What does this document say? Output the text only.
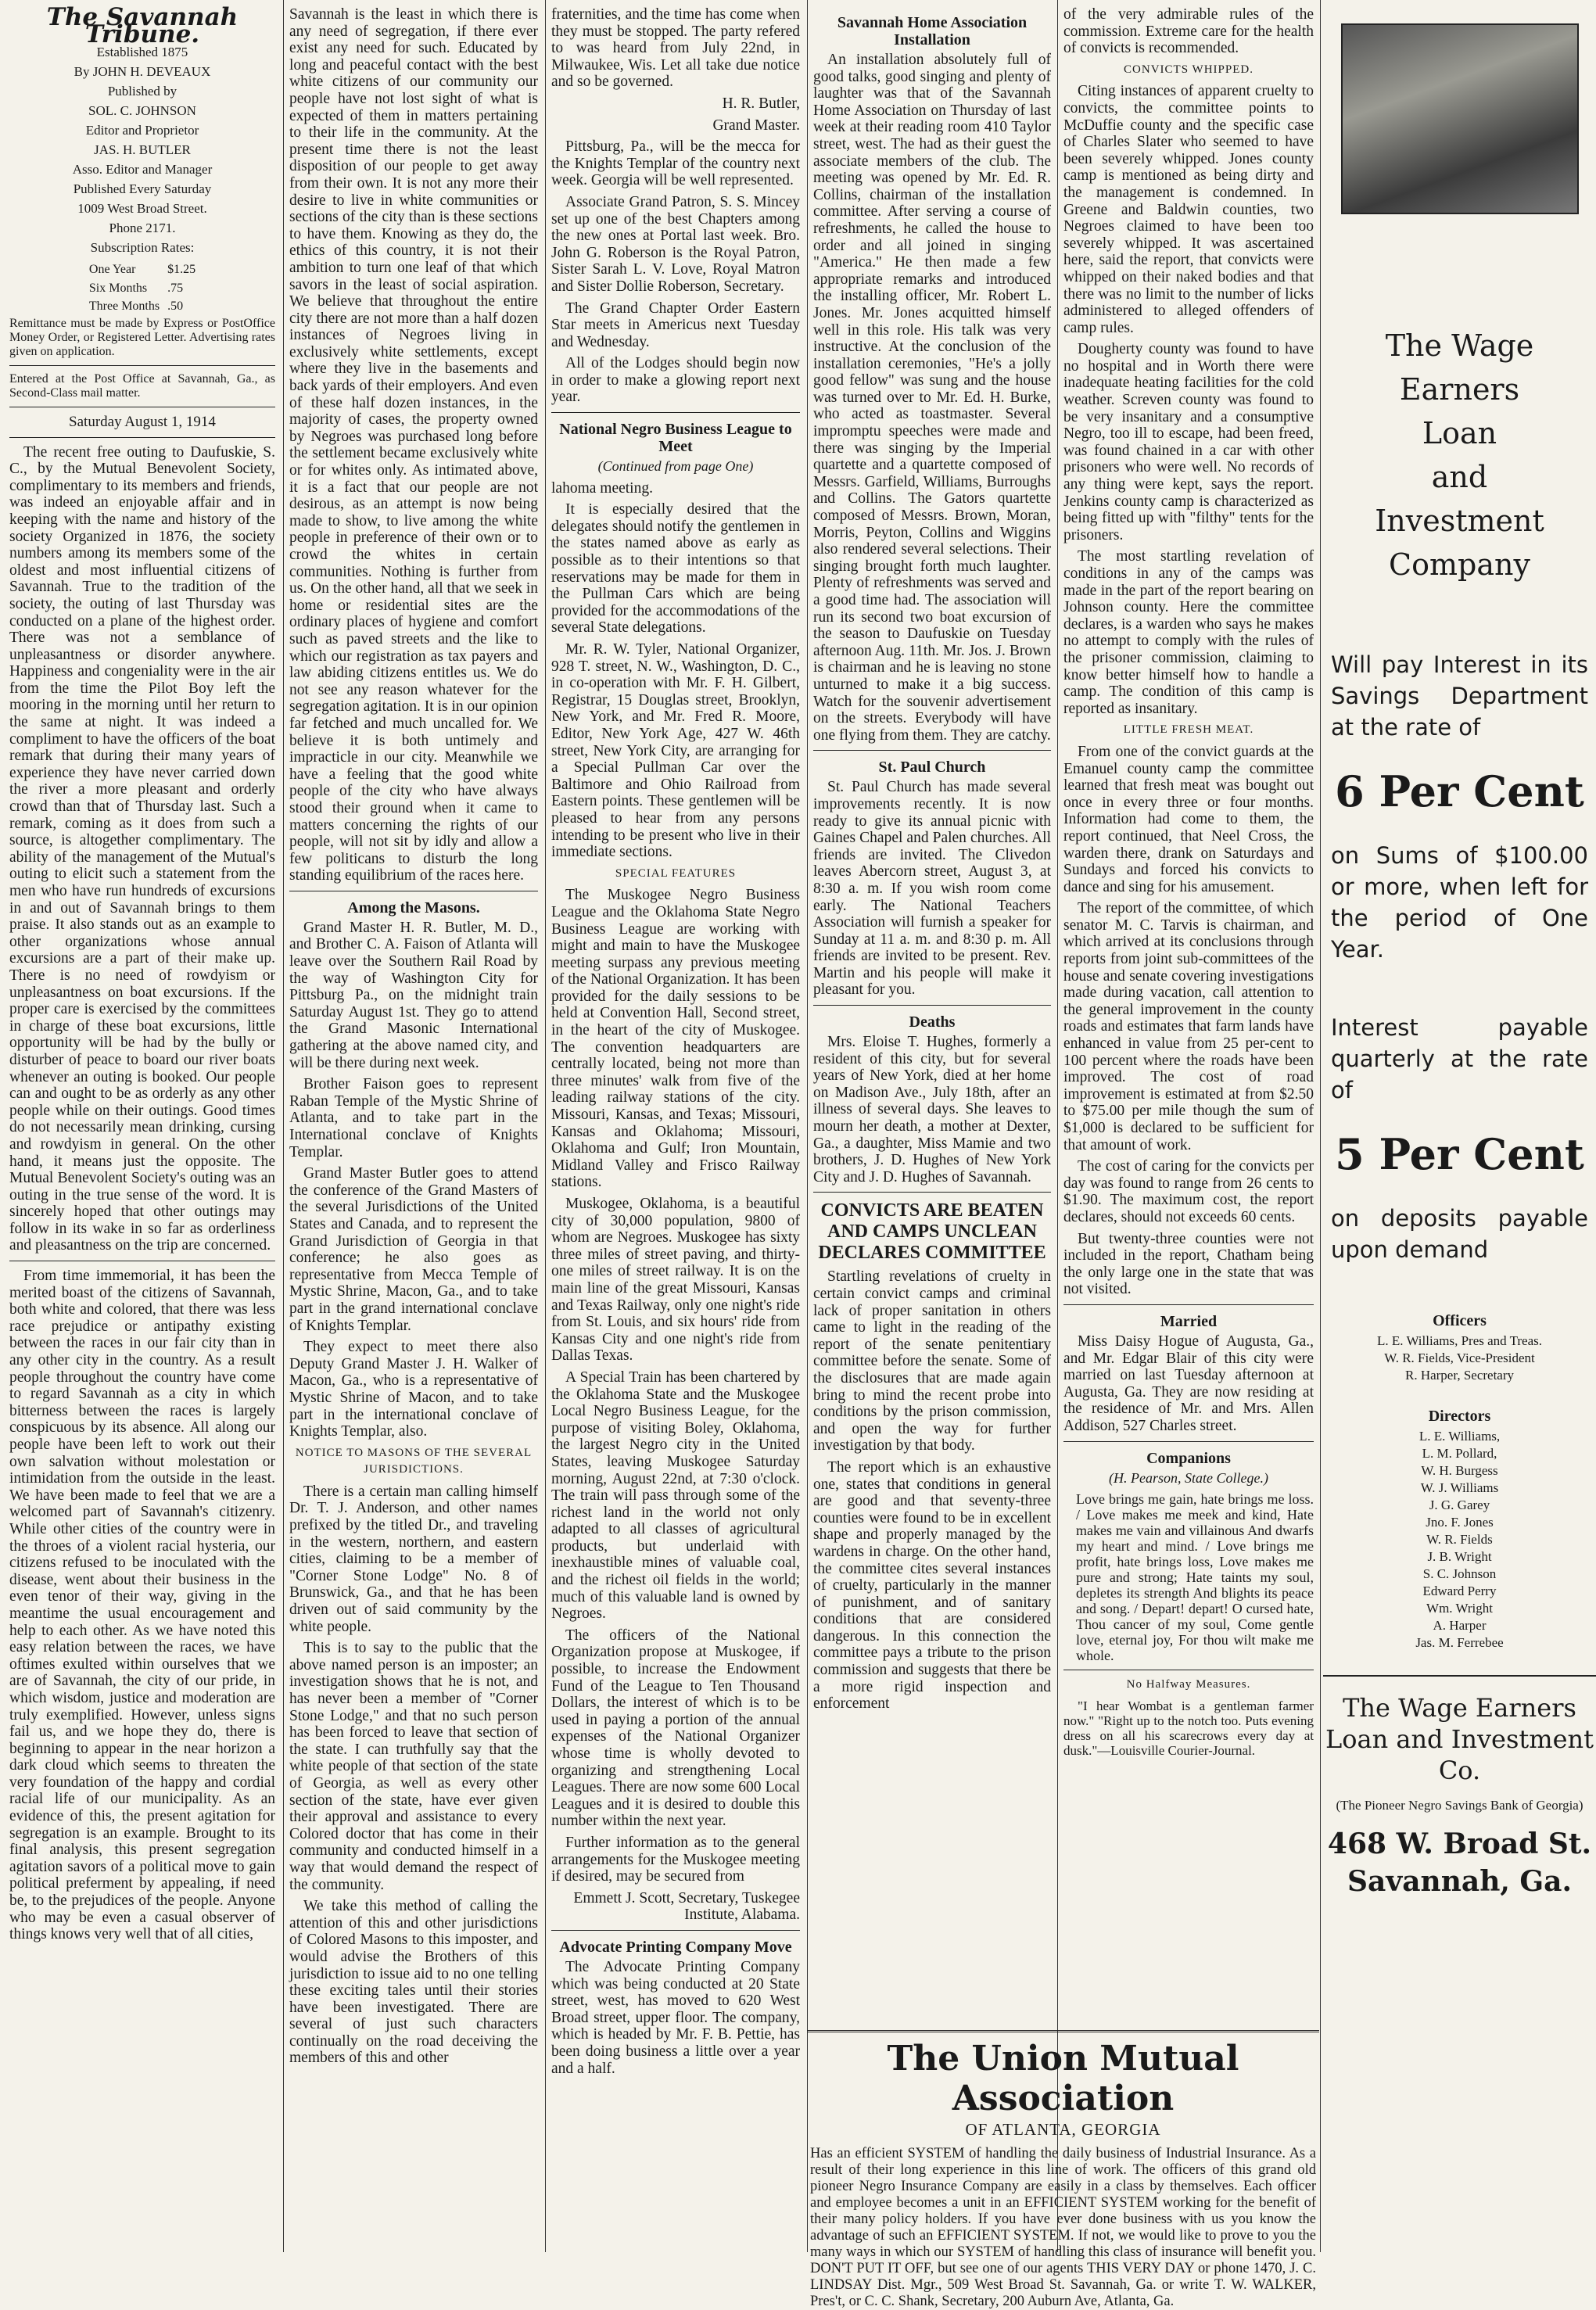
The Savannah Tribune.

Established 1875

By JOHN H. DEVEAUX

Published by

SOL. C. JOHNSON

Editor and Proprietor

JAS. H. BUTLER

Asso. Editor and Manager

Published Every Saturday

1009 West Broad Street.

Phone 2171.

Subscription Rates:

One Year	$1.25
Six Months	.75
Three Months	.50

Remittance must be made by Express or PostOffice Money Order, or Registered Letter. Advertising rates given on application.

Entered at the Post Office at Savannah, Ga., as Second-Class mail matter.

Saturday August 1, 1914

The recent free outing to Daufuskie, S. C., by the Mutual Benevolent Society, complimentary to its members and friends, was indeed an enjoyable affair and in keeping with the name and history of the society Organized in 1876, the society numbers among its members some of the oldest and most influential citizens of Savannah. True to the tradition of the society, the outing of last Thursday was conducted on a plane of the highest order. There was not a semblance of unpleasantness or disorder anywhere. Happiness and congeniality were in the air from the time the Pilot Boy left the mooring in the morning until her return to the same at night. It was indeed a compliment to have the officers of the boat remark that during their many years of experience they have never carried down the river a more pleasant and orderly crowd than that of Thursday last. Such a remark, coming as it does from such a source, is altogether complimentary. The ability of the management of the Mutual's outing to elicit such a statement from the men who have run hundreds of excursions in and out of Savannah brings to them praise. It also stands out as an example to other organizations whose annual excursions are a part of their make up. There is no need of rowdyism or unpleasantness on boat excursions. If the proper care is exercised by the committees in charge of these boat excursions, little opportunity will be had by the bully or disturber of peace to board our river boats whenever an outing is booked. Our people can and ought to be as orderly as any other people while on their outings. Good times do not necessarily mean drinking, cursing and rowdyism in general. On the other hand, it means just the opposite. The Mutual Benevolent Society's outing was an outing in the true sense of the word. It is sincerely hoped that other outings may follow in its wake in so far as orderliness and pleasantness on the trip are concerned.

From time immemorial, it has been the merited boast of the citizens of Savannah, both white and colored, that there was less race prejudice or antipathy existing between the races in our fair city than in any other city in the country. As a result people throughout the country have come to regard Savannah as a city in which bitterness between the races is largely conspicuous by its absence. All along our people have been left to work out their own salvation without molestation or intimidation from the outside in the least. We have been made to feel that we are a welcomed part of Savannah's citizenry. While other cities of the country were in the throes of a violent racial hysteria, our citizens refused to be inoculated with the disease, went about their business in the even tenor of their way, giving in the meantime the usual encouragement and help to each other. As we have noted this easy relation between the races, we have oftimes exulted within ourselves that we are of Savannah, the city of our pride, in which wisdom, justice and moderation are truly exemplified. However, unless signs fail us, and we hope they do, there is beginning to appear in the near horizon a dark cloud which seems to threaten the very foundation of the happy and cordial racial life of our municipality. As an evidence of this, the present agitation for segregation is an example. Brought to its final analysis, this present segregation agitation savors of a political move to gain political preferment by appealing, if need be, to the prejudices of the people. Anyone who may be even a casual observer of things knows very well that of all cities,

Savannah is the least in which there is any need of segregation, if there ever exist any need for such. Educated by long and peaceful contact with the best white citizens of our community our people have not lost sight of what is expected of them in matters pertaining to their life in the community. At the present time there is not the least disposition of our people to get away from their own. It is not any more their desire to live in white communities or sections of the city than is these sections to have them. Knowing as they do, the ethics of this country, it is not their ambition to turn one leaf of that which savors in the least of social aspiration. We believe that throughout the entire city there are not more than a half dozen instances of Negroes living in exclusively white settlements, except where they live in the basements and back yards of their employers. And even of these half dozen instances, in the majority of cases, the property owned by Negroes was purchased long before the settlement became exclusively white or for whites only. As intimated above, it is a fact that our people are not desirous, as an attempt is now being made to show, to live among the white people in preference of their own or to crowd the whites in certain communities. Nothing is further from us. On the other hand, all that we seek in home or residential sites are the ordinary places of hygiene and comfort such as paved streets and the like to which our registration as tax payers and law abiding citizens entitles us. We do not see any reason whatever for the segregation agitation. It is in our opinion far fetched and much uncalled for. We believe it is both untimely and impracticle in our city. Meanwhile we have a feeling that the good white people of the city who have always stood their ground when it came to matters concerning the rights of our people, will not sit by idly and allow a few politicans to disturb the long standing equilibrium of the races here.

Among the Masons.

Grand Master H. R. Butler, M. D., and Brother C. A. Faison of Atlanta will leave over the Southern Rail Road by the way of Washington City for Pittsburg Pa., on the midnight train Saturday August 1st. They go to attend the Grand Masonic International gathering at the above named city, and will be there during next week.

Brother Faison goes to represent Raban Temple of the Mystic Shrine of Atlanta, and to take part in the International conclave of Knights Templar.

Grand Master Butler goes to attend the conference of the Grand Masters of the several Jurisdictions of the United States and Canada, and to represent the Grand Jurisdiction of Georgia in that conference; he also goes as representative from Mecca Temple of Mystic Shrine, Macon, Ga., and to take part in the grand international conclave of Knights Templar.

They expect to meet there also Deputy Grand Master J. H. Walker of Macon, Ga., who is a representative of Mystic Shrine of Macon, and to take part in the international conclave of Knights Templar, also.

NOTICE TO MASONS OF THE SEVERAL JURISDICTIONS.

There is a certain man calling himself Dr. T. J. Anderson, and other names prefixed by the titled Dr., and traveling in the western, northern, and eastern cities, claiming to be a member of "Corner Stone Lodge" No. 8 of Brunswick, Ga., and that he has been driven out of said community by the white people.

This is to say to the public that the above named person is an imposter; an investigation shows that he is not, and has never been a member of "Corner Stone Lodge," and that no such person has been forced to leave that section of the state. I can truthfully say that the white people of that section of the state of Georgia, as well as every other section of the state, have ever given their approval and assistance to every Colored doctor that has come in their community and conducted himself in a way that would demand the respect of the community.

We take this method of calling the attention of this and other jurisdictions of Colored Masons to this imposter, and would advise the Brothers of this jurisdiction to issue aid to no one telling these exciting tales until their stories have been investigated. There are several of just such characters continually on the road deceiving the members of this and other

fraternities, and the time has come when they must be stopped. The party refered to was heard from July 22nd, in Milwaukee, Wis. Let all take due notice and so be governed.

H. R. Butler,

Grand Master.

Pittsburg, Pa., will be the mecca for the Knights Templar of the country next week. Georgia will be well represented.

Associate Grand Patron, S. S. Mincey set up one of the best Chapters among the new ones at Portal last week. Bro. John G. Roberson is the Royal Patron, Sister Sarah L. V. Love, Royal Matron and Sister Dollie Roberson, Secretary.

The Grand Chapter Order Eastern Star meets in Americus next Tuesday and Wednesday.

All of the Lodges should begin now in order to make a glowing report next year.

National Negro Business League to Meet
(Continued from page One)

lahoma meeting.

It is especially desired that the delegates should notify the gentlemen in the states named above as early as possible as to their intentions so that reservations may be made for them in the Pullman Cars which are being provided for the accommodations of the several State delegations.

Mr. R. W. Tyler, National Organizer, 928 T. street, N. W., Washington, D. C., in co-operation with Mr. F. H. Gilbert, Registrar, 15 Douglas street, Brooklyn, New York, and Mr. Fred R. Moore, Editor, New York Age, 427 W. 46th street, New York City, are arranging for a Special Pullman Car over the Baltimore and Ohio Railroad from Eastern points. These gentlemen will be pleased to hear from any persons intending to be present who live in their immediate sections.

SPECIAL FEATURES

The Muskogee Negro Business League and the Oklahoma State Negro Business League are working with might and main to have the Muskogee meeting surpass any previous meeting of the National Organization. It has been provided for the daily sessions to be held at Convention Hall, Second street, in the heart of the city of Muskogee. The convention headquarters are centrally located, being not more than three minutes' walk from five of the leading railway stations of the city. Missouri, Kansas, and Texas; Missouri, Kansas and Oklahoma; Missouri, Oklahoma and Gulf; Iron Mountain, Midland Valley and Frisco Railway stations.

Muskogee, Oklahoma, is a beautiful city of 30,000 population, 9800 of whom are Negroes. Muskogee has sixty three miles of street paving, and thirty-one miles of street railway. It is on the main line of the great Missouri, Kansas and Texas Railway, only one night's ride from St. Louis, and six hours' ride from Kansas City and one night's ride from Dallas Texas.

A Special Train has been chartered by the Oklahoma State and the Muskogee Local Negro Business League, for the purpose of visiting Boley, Oklahoma, the largest Negro city in the United States, leaving Muskogee Saturday morning, August 22nd, at 7:30 o'clock. The train will pass through some of the richest land in the world not only adapted to all classes of agricultural products, but underlaid with inexhaustible mines of valuable coal, and the richest oil fields in the world; much of this valuable land is owned by Negroes.

The officers of the National Organization propose at Muskogee, if possible, to increase the Endowment Fund of the League to Ten Thousand Dollars, the interest of which is to be used in paying a portion of the annual expenses of the National Organizer whose time is wholly devoted to organizing and strengthening Local Leagues. There are now some 600 Local Leagues and it is desired to double this number within the next year.

Further information as to the general arrangements for the Muskogee meeting if desired, may be secured from

Emmett J. Scott, Secretary, Tuskegee Institute, Alabama.

Advocate Printing Company Move

The Advocate Printing Company which was being conducted at 20 State street, west, has moved to 620 West Broad street, upper floor. The company, which is headed by Mr. F. B. Pettie, has been doing business a little over a year and a half.

Savannah Home Association Installation

An installation absolutely full of good talks, good singing and plenty of laughter was that of the Savannah Home Association on Thursday of last week at their reading room 410 Taylor street, west. The had as their guest the associate members of the club. The meeting was opened by Mr. Ed. R. Collins, chairman of the installation committee. After serving a course of refreshments, he called the house to order and all joined in singing "America." He then made a few appropriate remarks and introduced the installing officer, Mr. Robert L. Jones. Mr. Jones acquitted himself well in this role. His talk was very instructive. At the conclusion of the installation ceremonies, "He's a jolly good fellow" was sung and the house was turned over to Mr. Ed. H. Burke, who acted as toastmaster. Several impromptu speeches were made and there was singing by the Imperial quartette and a quartette composed of Messrs. Garfield, Williams, Burroughs and Collins. The Gators quartette composed of Messrs. Brown, Moran, Morris, Peyton, Collins and Wiggins also rendered several selections. Their singing brought forth much laughter. Plenty of refreshments was served and a good time had. The association will run its second two boat excursion of the season to Daufuskie on Tuesday afternoon Aug. 11th. Mr. Jos. J. Brown is chairman and he is leaving no stone unturned to make it a big success. Watch for the souvenir advertisement on the streets. Everybody will have one flying from them. They are catchy.

St. Paul Church

St. Paul Church has made several improvements recently. It is now ready to give its annual picnic with Gaines Chapel and Palen churches. All friends are invited. The Clivedon leaves Abercorn street, August 3, at 8:30 a. m. If you wish room come early. The National Teachers Association will furnish a speaker for Sunday at 11 a. m. and 8:30 p. m. All friends are invited to be present. Rev. Martin and his people will make it pleasant for you.

Deaths

Mrs. Eloise T. Hughes, formerly a resident of this city, but for several years of New York, died at her home on Madison Ave., July 18th, after an illness of several days. She leaves to mourn her death, a mother at Dexter, Ga., a daughter, Miss Mamie and two brothers, J. D. Hughes of New York City and J. D. Hughes of Savannah.

CONVICTS ARE BEATEN AND CAMPS UNCLEAN DECLARES COMMITTEE

Startling revelations of cruelty in certain convict camps and criminal lack of proper sanitation in others came to light in the reading of the report of the senate penitentiary committee before the senate. Some of the disclosures that are made again bring to mind the recent probe into conditions by the prison commission, and open the way for further investigation by that body.

The report which is an exhaustive one, states that conditions in general are good and that seventy-three counties were found to be in excellent shape and properly managed by the wardens in charge. On the other hand, the committee cites several instances of cruelty, particularly in the manner of punishment, and of sanitary conditions that are considered dangerous. In this connection the committee pays a tribute to the prison commission and suggests that there be a more rigid inspection and enforcement

of the very admirable rules of the commission. Extreme care for the health of convicts is recommended.

CONVICTS WHIPPED.

Citing instances of apparent cruelty to convicts, the committee points to McDuffie county and the specific case of Charles Slater who seemed to have been severely whipped. Jones county camp is mentioned as being dirty and the management is condemned. In Greene and Baldwin counties, two Negroes claimed to have been too severely whipped. It was ascertained here, said the report, that convicts were whipped on their naked bodies and that there was no limit to the number of licks administered to alleged offenders of camp rules.

Dougherty county was found to have no hospital and in Worth there were inadequate heating facilities for the cold weather. Screven county was found to be very insanitary and a consumptive Negro, too ill to escape, had been freed, was found chained in a car with other prisoners who were well. No records of any thing were kept, says the report. Jenkins county camp is characterized as being fitted up with "filthy" tents for the prisoners.

The most startling revelation of conditions in any of the camps was made in the part of the report bearing on Johnson county. Here the committee declares, is a warden who says he makes no attempt to comply with the rules of the prisoner commission, claiming to know better himself how to handle a camp. The condition of this camp is reported as insanitary.

LITTLE FRESH MEAT.

From one of the convict guards at the Emanuel county camp the committee learned that fresh meat was bought out once in every three or four months. Information had come to them, the report continued, that Neel Cross, the warden there, drank on Saturdays and Sundays and forced his convicts to dance and sing for his amusement.

The report of the committee, of which senator M. C. Tarvis is chairman, and which arrived at its conclusions through reports from joint sub-committees of the house and senate covering investigations made during vacation, call attention to the general improvement in the county roads and estimates that farm lands have enhanced in value from 25 per-cent to 100 percent where the roads have been improved. The cost of road improvement is estimated at from $2.50 to $75.00 per mile though the sum of $1,000 is declared to be sufficient for that amount of work.

The cost of caring for the convicts per day was found to range from 26 cents to $1.90. The maximum cost, the report declares, should not exceeds 60 cents.

But twenty-three counties were not included in the report, Chatham being the only large one in the state that was not visited.

Married

Miss Daisy Hogue of Augusta, Ga., and Mr. Edgar Blair of this city were married on last Tuesday afternoon at Augusta, Ga. They are now residing at the residence of Mr. and Mrs. Allen Addison, 527 Charles street.

Companions
(H. Pearson, State College.)
Love brings me gain, hate brings me loss. / Love makes me meek and kind, Hate makes me vain and villainous And dwarfs my heart and mind. / Love brings me profit, hate brings loss, Love makes me pure and strong; Hate taints my soul, depletes its strength And blights its peace and song. / Depart! depart! O cursed hate, Thou cancer of my soul, Come gentle love, eternal joy, For thou wilt make me whole.
No Halfway Measures.

"I hear Wombat is a gentleman farmer now." "Right up to the notch too. Puts evening dress on all his scarecrows every day at dusk."—Louisville Courier-Journal.

The Union Mutual Association
OF ATLANTA, GEORGIA
Has an efficient SYSTEM of handling the daily business of Industrial Insurance. As a result of their long experience in this line of work. The officers of this grand old pioneer Negro Insurance Company are easily in a class by themselves. Each officer and employee becomes a unit in an EFFICIENT SYSTEM working for the benefit of their many policy holders. If you have ever done business with us you know the advantage of such an EFFICIENT SYSTEM. If not, we would like to prove to you the many ways in which our SYSTEM of handling this class of insurance will benefit you. DON'T PUT IT OFF, but see one of our agents THIS VERY DAY or phone 1470, J. C. LINDSAY Dist. Mgr., 509 West Broad St. Savannah, Ga. or write T. W. WALKER, Pres't, or C. C. Shank, Secretary, 200 Auburn Ave, Atlanta, Ga.
The Wage
Earners
Loan
and
Investment
Company
Will pay Interest in its Savings Department at the rate of
6 Per Cent
on Sums of $100.00 or more, when left for the period of One Year.
Interest payable quarterly at the rate of
5 Per Cent
on deposits payable upon demand
Officers
L. E. Williams, Pres and Treas.
W. R. Fields, Vice-President
R. Harper, Secretary
Directors
L. E. Williams,
L. M. Pollard,
W. H. Burgess
W. J. Williams
J. G. Garey
Jno. F. Jones
W. R. Fields
J. B. Wright
S. C. Johnson
Edward Perry
Wm. Wright
A. Harper
Jas. M. Ferrebee
The Wage Earners Loan and Investment Co.
(The Pioneer Negro Savings Bank of Georgia)
468 W. Broad St.
Savannah, Ga.
